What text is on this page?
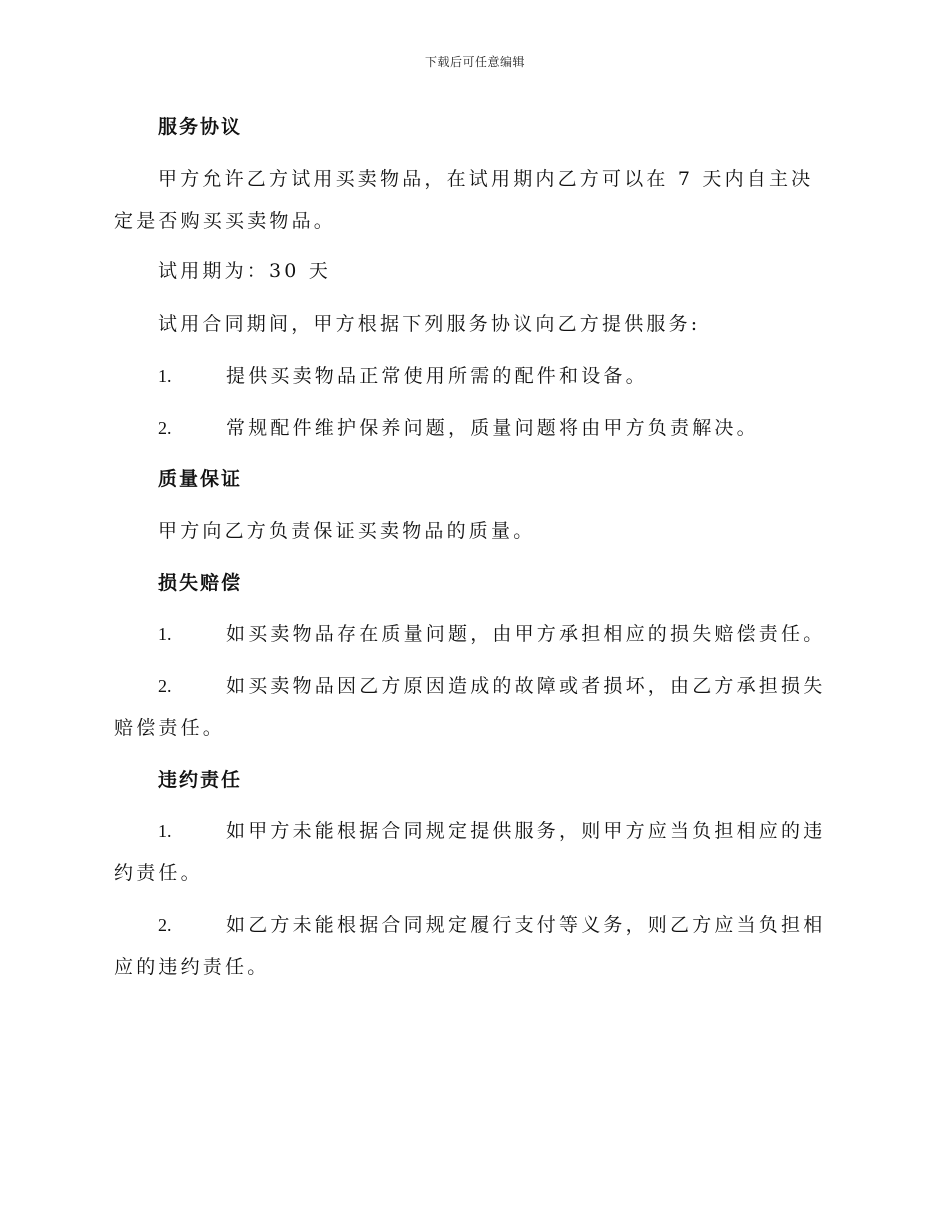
下载后可任意编辑
服务协议
甲方允许乙方试用买卖物品，在试用期内乙方可以在 7 天内自主决定是否购买买卖物品。
试用期为：30 天
试用合同期间，甲方根据下列服务协议向乙方提供服务:
1.	提供买卖物品正常使用所需的配件和设备。
2.	常规配件维护保养问题，质量问题将由甲方负责解决。
质量保证
甲方向乙方负责保证买卖物品的质量。
损失赔偿
1.	如买卖物品存在质量问题，由甲方承担相应的损失赔偿责任。
2.	如买卖物品因乙方原因造成的故障或者损坏，由乙方承担损失赔偿责任。
违约责任
1.	如甲方未能根据合同规定提供服务，则甲方应当负担相应的违约责任。
2.	如乙方未能根据合同规定履行支付等义务，则乙方应当负担相应的违约责任。
